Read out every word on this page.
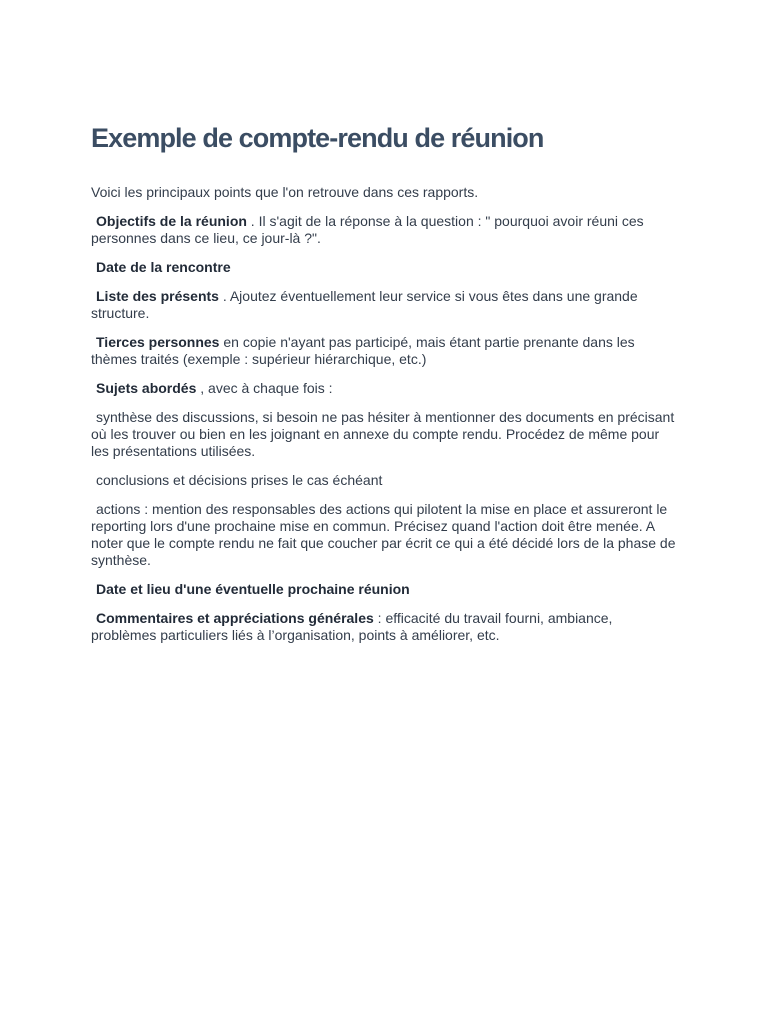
Exemple de compte-rendu de réunion

Voici les principaux points que l'on retrouve dans ces rapports.

Objectifs de la réunion . Il s'agit de la réponse à la question : " pourquoi avoir réuni ces personnes dans ce lieu, ce jour-là ?".

Date de la rencontre

Liste des présents . Ajoutez éventuellement leur service si vous êtes dans une grande structure.

Tierces personnes en copie n'ayant pas participé, mais étant partie prenante dans les thèmes traités (exemple : supérieur hiérarchique, etc.)

Sujets abordés , avec à chaque fois :

synthèse des discussions, si besoin ne pas hésiter à mentionner des documents en précisant où les trouver ou bien en les joignant en annexe du compte rendu. Procédez de même pour les présentations utilisées.

conclusions et décisions prises le cas échéant

actions : mention des responsables des actions qui pilotent la mise en place et assureront le reporting lors d'une prochaine mise en commun. Précisez quand l'action doit être menée. A noter que le compte rendu ne fait que coucher par écrit ce qui a été décidé lors de la phase de synthèse.

Date et lieu d'une éventuelle prochaine réunion

Commentaires et appréciations générales : efficacité du travail fourni, ambiance, problèmes particuliers liés à l’organisation, points à améliorer, etc.
